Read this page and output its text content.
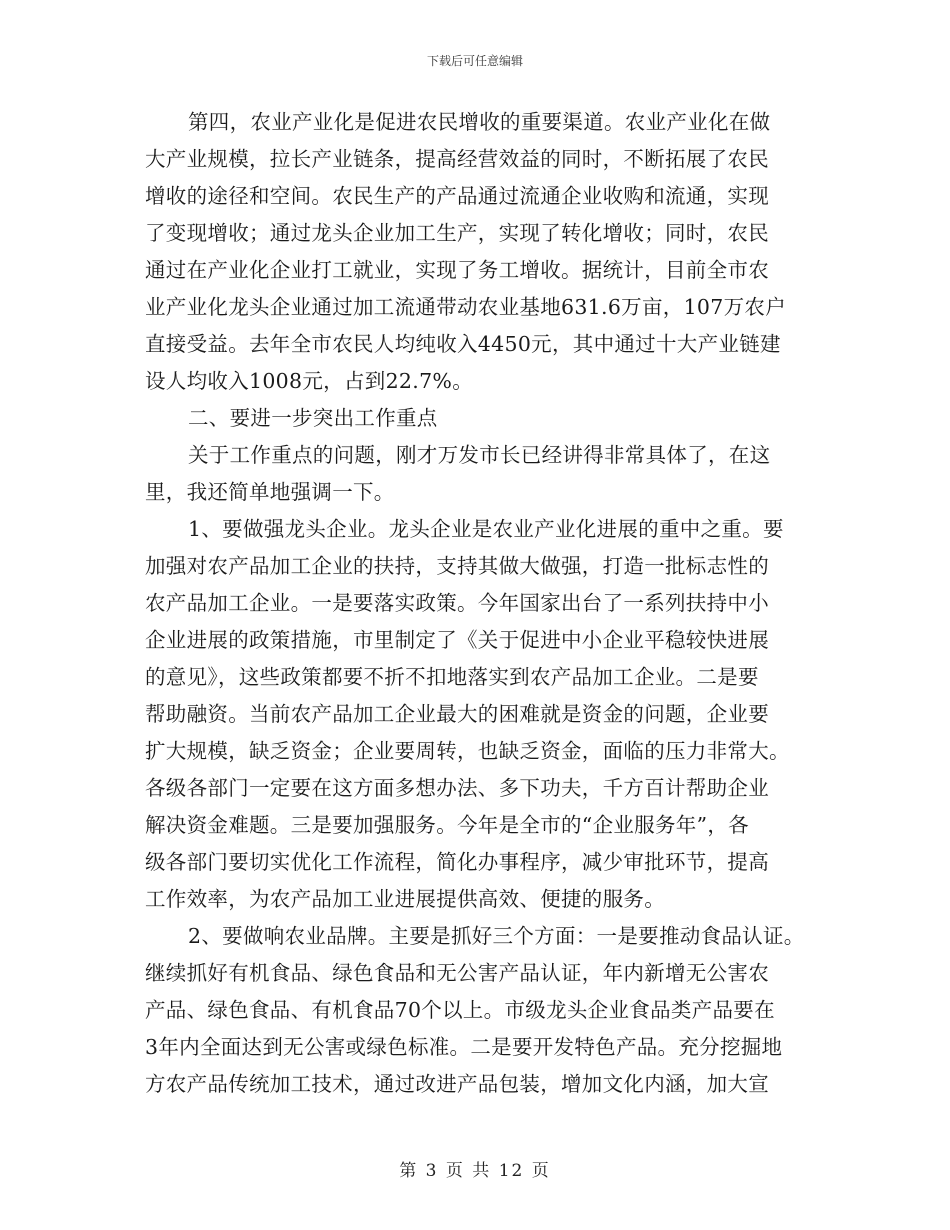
下载后可任意编辑
第四，农业产业化是促进农民增收的重要渠道。农业产业化在做
大产业规模，拉长产业链条，提高经营效益的同时，不断拓展了农民
增收的途径和空间。农民生产的产品通过流通企业收购和流通，实现
了变现增收；通过龙头企业加工生产，实现了转化增收；同时，农民
通过在产业化企业打工就业，实现了务工增收。据统计，目前全市农
业产业化龙头企业通过加工流通带动农业基地631.6万亩，107万农户
直接受益。去年全市农民人均纯收入4450元，其中通过十大产业链建
设人均收入1008元，占到22.7%。
二、要进一步突出工作重点
关于工作重点的问题，刚才万发市长已经讲得非常具体了，在这
里，我还简单地强调一下。
1、要做强龙头企业。龙头企业是农业产业化进展的重中之重。要
加强对农产品加工企业的扶持，支持其做大做强，打造一批标志性的
农产品加工企业。一是要落实政策。今年国家出台了一系列扶持中小
企业进展的政策措施，市里制定了《关于促进中小企业平稳较快进展
的意见》，这些政策都要不折不扣地落实到农产品加工企业。二是要
帮助融资。当前农产品加工企业最大的困难就是资金的问题，企业要
扩大规模，缺乏资金；企业要周转，也缺乏资金，面临的压力非常大。
各级各部门一定要在这方面多想办法、多下功夫，千方百计帮助企业
解决资金难题。三是要加强服务。今年是全市的“企业服务年”，各
级各部门要切实优化工作流程，简化办事程序，减少审批环节，提高
工作效率，为农产品加工业进展提供高效、便捷的服务。
2、要做响农业品牌。主要是抓好三个方面：一是要推动食品认证。
继续抓好有机食品、绿色食品和无公害产品认证，年内新增无公害农
产品、绿色食品、有机食品70个以上。市级龙头企业食品类产品要在
3年内全面达到无公害或绿色标准。二是要开发特色产品。充分挖掘地
方农产品传统加工技术，通过改进产品包装，增加文化内涵，加大宣
第 3 页 共 12 页
